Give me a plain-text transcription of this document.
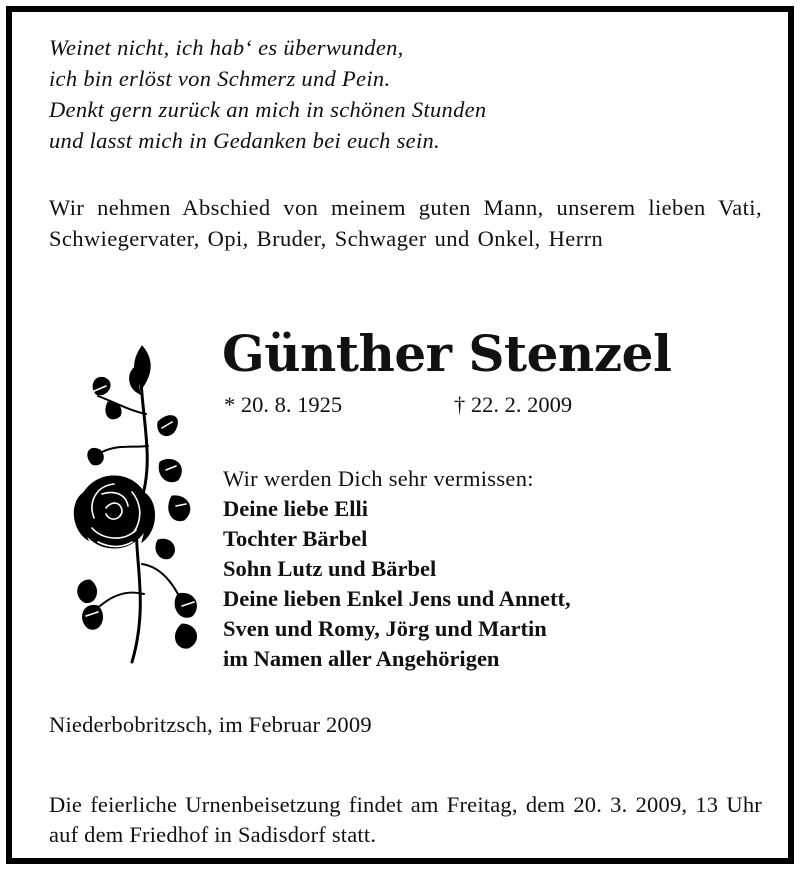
Weinet nicht, ich hab‘ es überwunden,
ich bin erlöst von Schmerz und Pein.
Denkt gern zurück an mich in schönen Stunden
und lasst mich in Gedanken bei euch sein.

Wir nehmen Abschied von meinem guten Mann, unserem lieben Vati, Schwiegervater, Opi, Bruder, Schwager und Onkel, Herrn

Günther Stenzel
* 20. 8. 1925	† 22. 2. 2009
Wir werden Dich sehr vermissen:
Deine liebe Elli
Tochter Bärbel
Sohn Lutz und Bärbel
Deine lieben Enkel Jens und Annett,
Sven und Romy, Jörg und Martin
im Namen aller Angehörigen
Niederbobritzsch, im Februar 2009

Die feierliche Urnenbeisetzung findet am Freitag, dem 20. 3. 2009, 13 Uhr auf dem Friedhof in Sadisdorf statt.
